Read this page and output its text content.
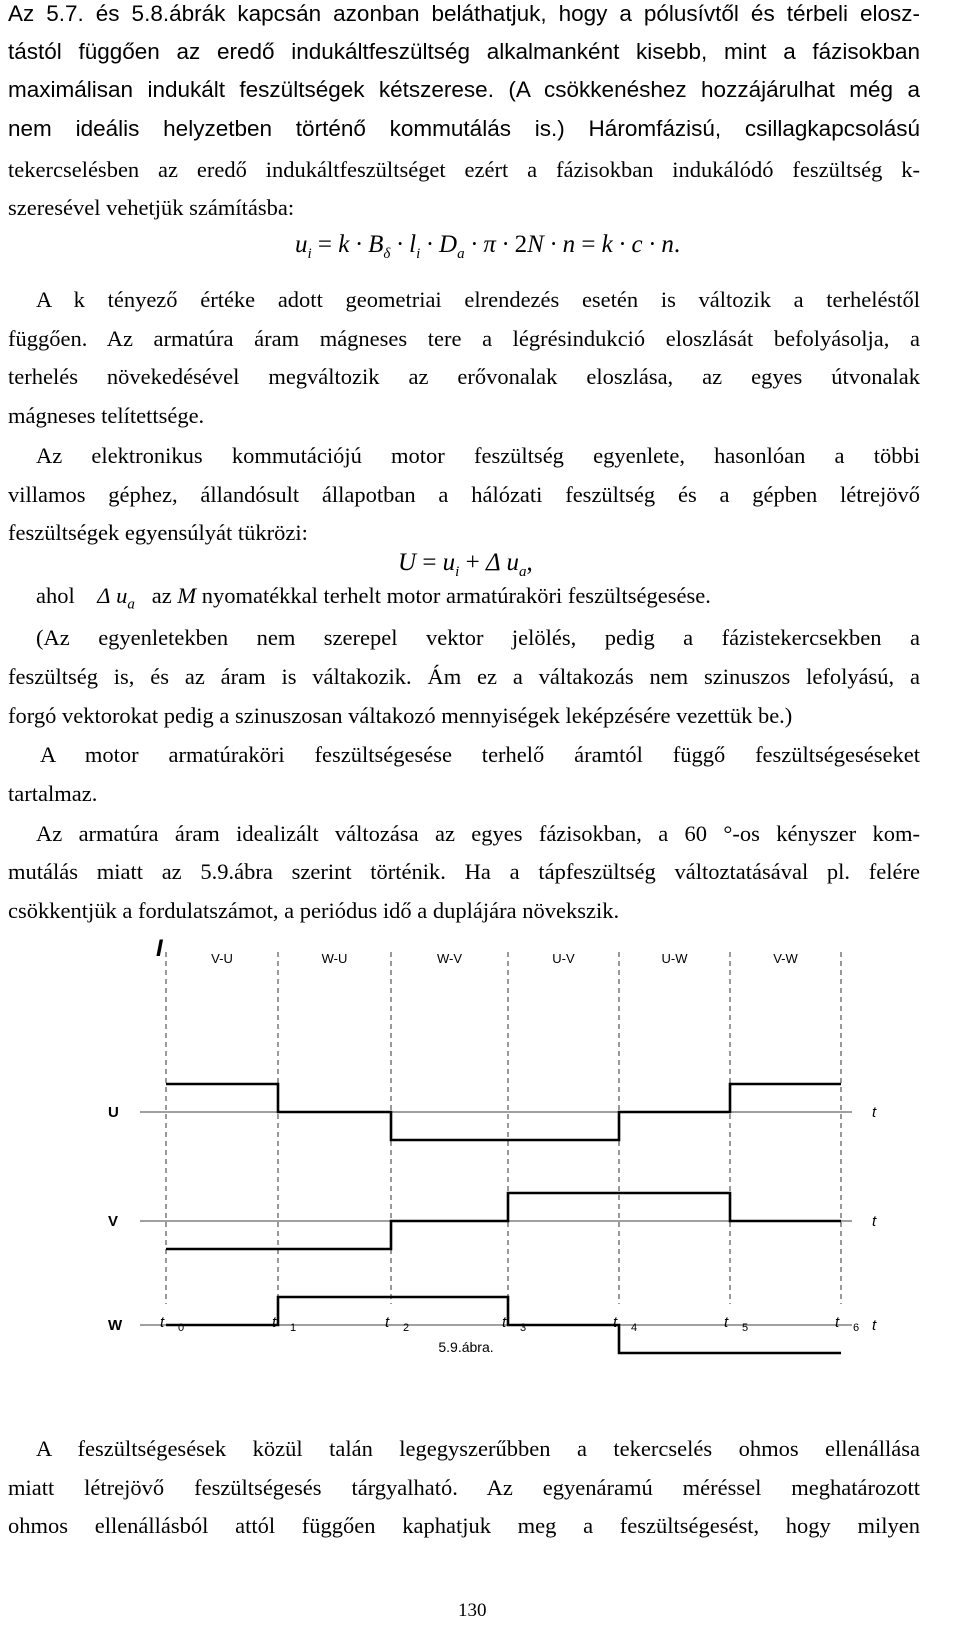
Az 5.7. és 5.8.ábrák kapcsán azonban beláthatjuk, hogy a pólusívtől és térbeli elosz-
tástól függően az eredő indukáltfeszültség alkalmanként kisebb, mint a fázisokban
maximálisan indukált feszültségek kétszerese. (A csökkenéshez hozzájárulhat még a
nem ideális helyzetben történő kommutálás is.) Háromfázisú, csillagkapcsolású
tekercselésben az eredő indukáltfeszültséget ezért a fázisokban indukálódó feszültség k-
szeresével vehetjük számításba:
$u_i = k \cdot B_\delta \cdot l_i \cdot D_a \cdot \pi \cdot 2N \cdot n = k \cdot c \cdot n$.
A k tényező értéke adott geometriai elrendezés esetén is változik a terheléstől
függően. Az armatúra áram mágneses tere a légrésindukció eloszlását befolyásolja, a
terhelés növekedésével megváltozik az erővonalak eloszlása, az egyes útvonalak
mágneses telítettsége.
Az elektronikus kommutációjú motor feszültség egyenlete, hasonlóan a többi
villamos géphez, állandósult állapotban a hálózati feszültség és a gépben létrejövő
feszültségek egyensúlyát tükrözi:
$U = u_i + \Delta$ $u_a$,
ahol Δ $u_a$ az M nyomatékkal terhelt motor armatúraköri feszültségesése.
(Az egyenletekben nem szerepel vektor jelölés, pedig a fázistekercsekben a
feszültség is, és az áram is váltakozik. Ám ez a váltakozás nem szinuszos lefolyású, a
forgó vektorokat pedig a szinuszosan váltakozó mennyiségek leképzésére vezettük be.)
A motor armatúraköri feszültségesése terhelő áramtól függő feszültségeséseket
tartalmaz.
Az armatúra áram idealizált változása az egyes fázisokban, a 60 °-os kényszer kom-
mutálás miatt az 5.9.ábra szerint történik. Ha a tápfeszültség változtatásával pl. felére
csökkentjük a fordulatszámot, a periódus idő a duplájára növekszik.
I	V-U	W-U	W-V	U-V	U-W	V-W
U	t
V	t
W	t
t 0	t 1	t 2	t 3	t 4	t 5	t 6
5.9.ábra.
A feszültségesések közül talán legegyszerűbben a tekercselés ohmos ellenállása
miatt létrejövő feszültségesés tárgyalható. Az egyenáramú méréssel meghatározott
ohmos ellenállásból attól függően kaphatjuk meg a feszültségesést, hogy milyen
130
